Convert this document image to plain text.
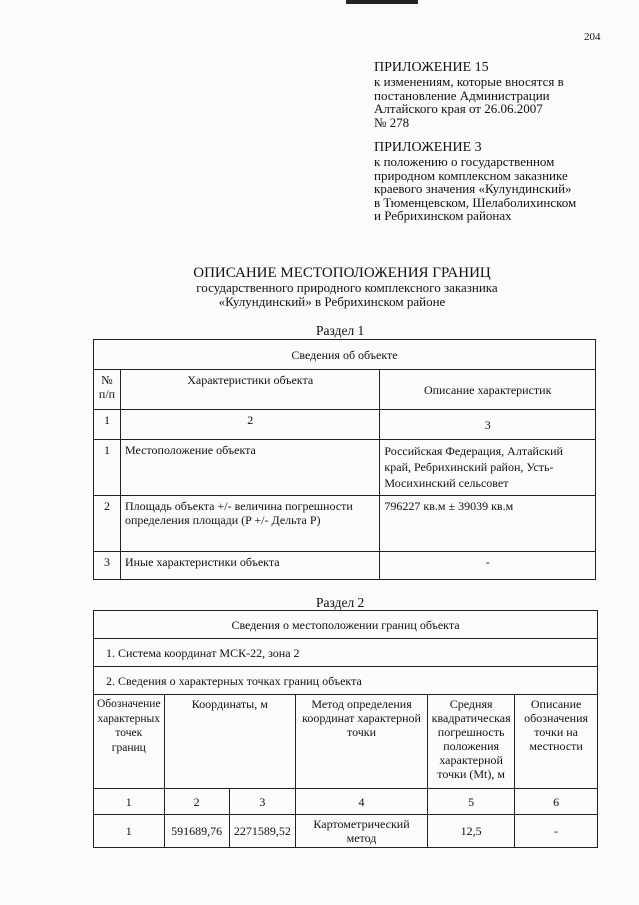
204
ПРИЛОЖЕНИЕ 15
к изменениям, которые вносятся в
постановление Администрации
Алтайского края от 26.06.2007
№ 278
ПРИЛОЖЕНИЕ 3
к положению о государственном
природном комплексном заказнике
краевого значения «Кулундинский»
в Тюменцевском, Шелаболихинском
и Ребрихинском районах
ОПИСАНИЕ МЕСТОПОЛОЖЕНИЯ ГРАНИЦ
государственного природного комплексного заказника
«Кулундинский» в Ребрихинском районе
Раздел 1
Сведения об объекте		
№ п/п	Характеристики объекта	Описание характеристик
1	2	3
1	Местоположение объекта	Российская Федерация, Алтайский край, Ребрихинский район, Усть-Мосихинский сельсовет
2	Площадь объекта +/- величина погрешности определения площади (P +/- Дельта P)	796227 кв.м ± 39039 кв.м
3	Иные характеристики объекта	-
Раздел 2
Сведения о местоположении границ объекта					
1. Система координат МСК-22, зона 2					
2. Сведения о характерных точках границ объекта					
Обозначение характерных точек границ	Координаты, м		Метод определения координат характерной точки	Средняя квадратическая погрешность положения характерной точки (Mt), м	Описание обозначения точки на местности
1	2	3	4	5	6
1	591689,76	2271589,52	Картометрический метод	12,5	-
